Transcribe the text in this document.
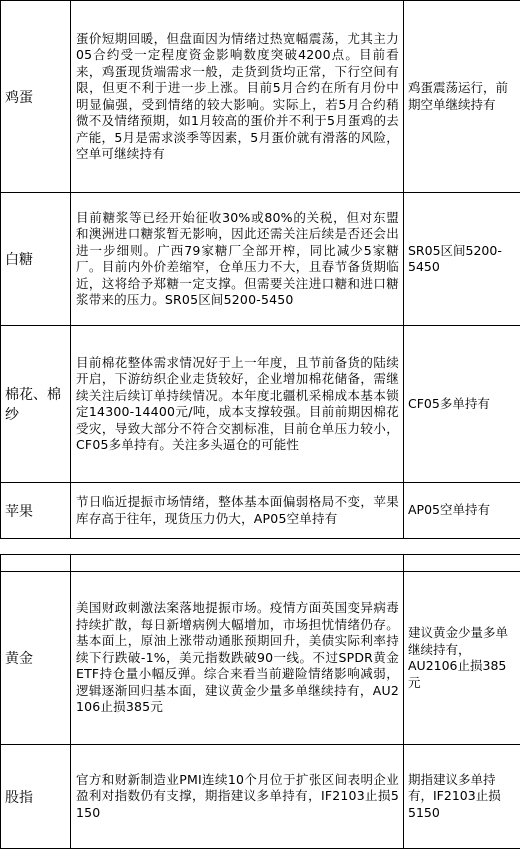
鸡蛋	蛋价短期回暖，但盘面因为情绪过热宽幅震荡，尤其主力05合约受一定程度资金影响数度突破4200点。目前看来，鸡蛋现货端需求一般，走货到货均正常，下行空间有限，但更不利于进一步上涨。目前5月合约在所有月份中明显偏强，受到情绪的较大影响。实际上，若5月合约稍微不及情绪预期，如1月较高的蛋价并不利于5月蛋鸡的去产能，5月是需求淡季等因素，5月蛋价就有滑落的风险，空单可继续持有	鸡蛋震荡运行，前期空单继续持有
白糖	目前糖浆等已经开始征收30%或80%的关税，但对东盟和澳洲进口糖浆暂无影响，因此还需关注后续是否还会出进一步细则。广西79家糖厂全部开榨，同比减少5家糖厂。目前内外价差缩窄，仓单压力不大，且春节备货期临近，这将给予郑糖一定支撑。但需要关注进口糖和进口糖浆带来的压力。SR05区间5200-5450	SR05区间5200-5450
棉花、棉纱	目前棉花整体需求情况好于上一年度，且节前备货的陆续开启，下游纺织企业走货较好，企业增加棉花储备，需继续关注后续订单持续情况。本年度北疆机采棉成本基本锁定14300-14400元/吨，成本支撑较强。目前前期因棉花受灾，导致大部分不符合交割标准，目前仓单压力较小，CF05多单持有。关注多头逼仓的可能性	CF05多单持有
苹果	节日临近提振市场情绪，整体基本面偏弱格局不变，苹果库存高于往年，现货压力仍大，AP05空单持有	AP05空单持有

黄金	美国财政刺激法案落地提振市场。疫情方面英国变异病毒持续扩散，每日新增病例大幅增加，市场担忧情绪仍存。基本面上，原油上涨带动通胀预期回升，美债实际利率持续下行跌破-1%，美元指数跌破90一线。不过SPDR黄金ETF持仓量小幅反弹。综合来看当前避险情绪影响减弱，逻辑逐渐回归基本面，建议黄金少量多单继续持有，AU2106止损385元	建议黄金少量多单继续持有，AU2106止损385元
股指	官方和财新制造业PMI连续10个月位于扩张区间表明企业盈利对指数仍有支撑，期指建议多单持有，IF2103止损5150	期指建议多单持有，IF2103止损5150
